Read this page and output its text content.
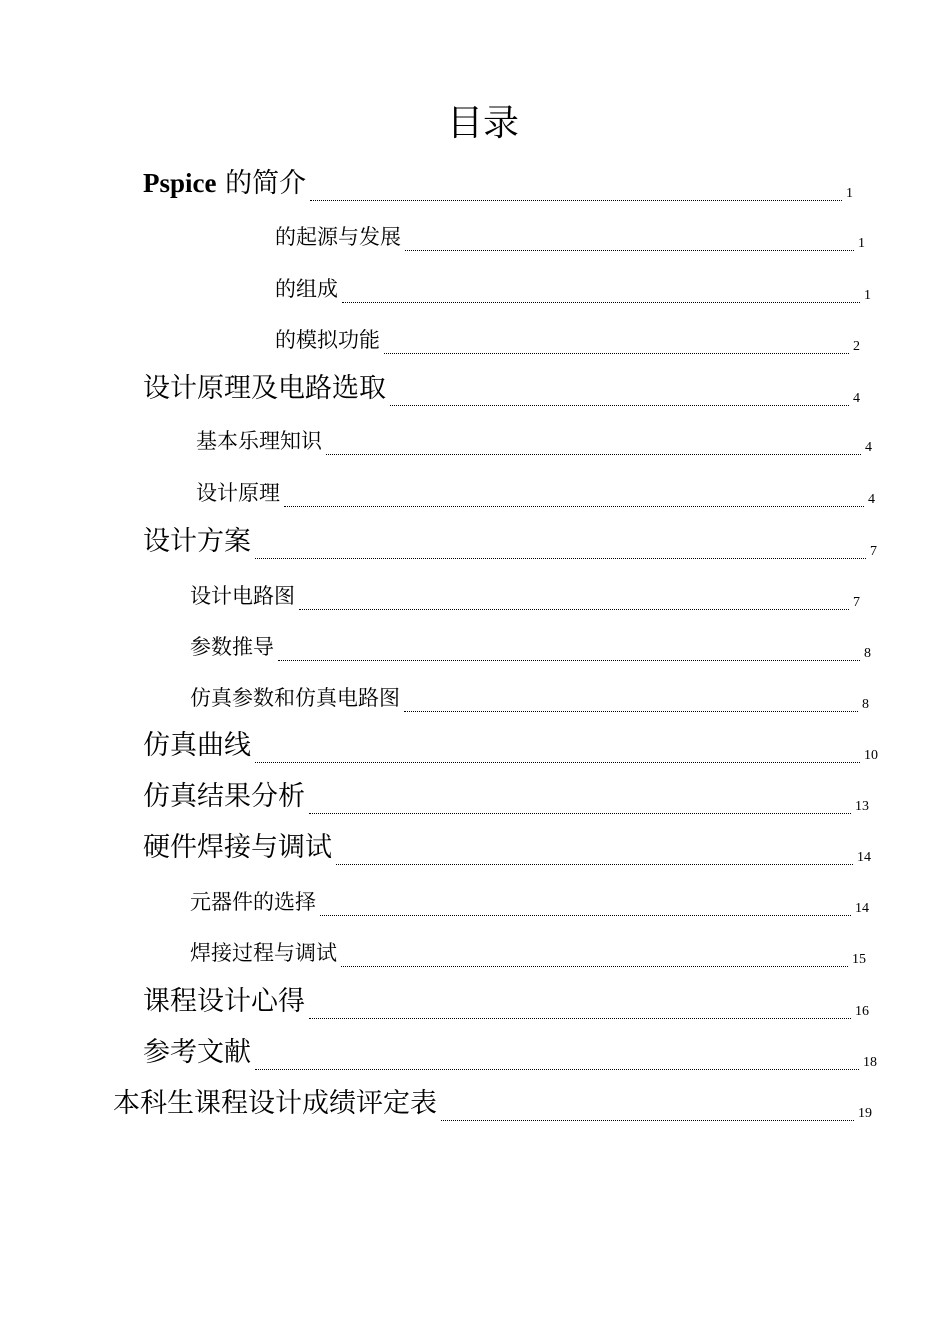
目录
Pspice 的简介	1
的起源与发展	1
的组成	1
的模拟功能	2
设计原理及电路选取	4
基本乐理知识	4
设计原理	4
设计方案	7
设计电路图	7
参数推导	8
仿真参数和仿真电路图	8
仿真曲线	10
仿真结果分析	13
硬件焊接与调试	14
元器件的选择	14
焊接过程与调试	15
课程设计心得	16
参考文献	18
本科生课程设计成绩评定表	19
